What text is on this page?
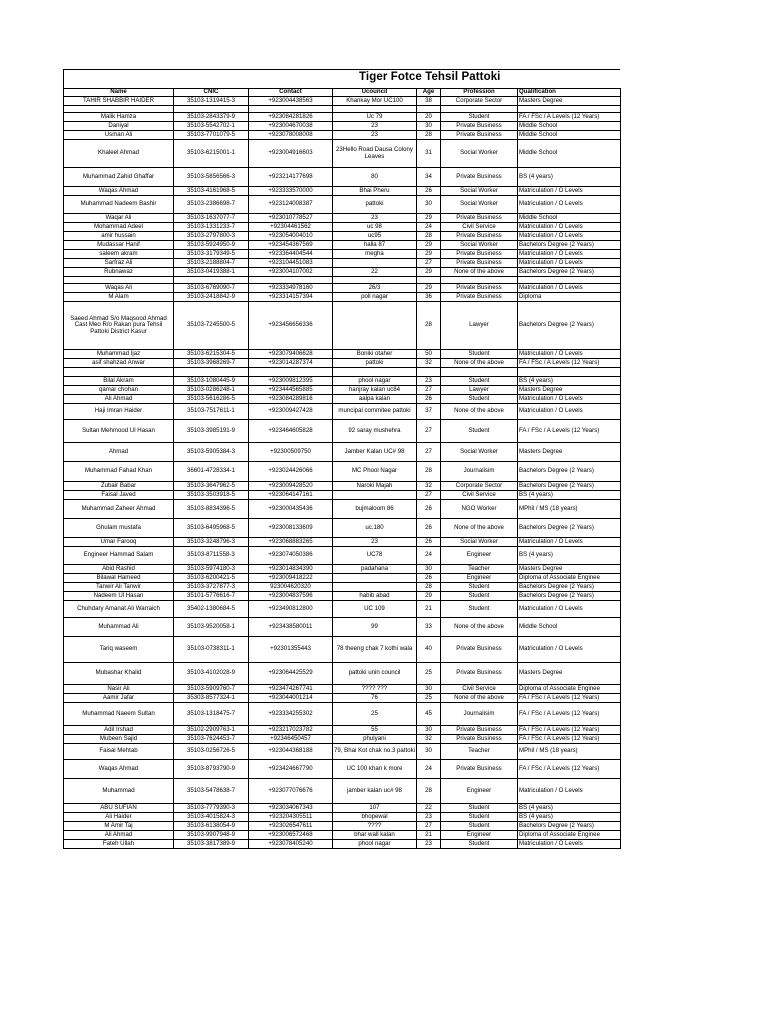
Tiger Fotce Tehsil Pattoki
Name	CNIC	Contact	Ucouncil	Age	Profession	Qualification
TAHIR SHABBIR HAIDER	35103-1319415-3	+923004438563	Khankay Mor UC100	38	Corporate Sector	Masters Degree

Malik Hamza	35103-2843379-9	+923084281826	Uc 79	20	Student	FA / FSc / A Levels (12 Years)
Daniyal	35103-5542702-1	+923004670038	23	30	Private Business	Middle School
Usman Ali	35103-7701079-5	+923078008008	23	28	Private Business	Middle School
Khaleel Ahmad	35103-6215001-1	+923004916603	23Hello Road Dausa Colony Leaves	31	Social Worker	Middle School
Muhammad Zahid Ghaffar	35103-5856566-3	+923214177698	80	34	Private Business	BS (4 years)
Waqas Ahmad	35103-4161968-5	+923333570000	Bhai Pheru	26	Social Worker	Matriculation / O Levels
Muhammad Nadeem Bashir	35103-2386698-7	+923124008387	pattoki	30	Social Worker	Matriculation / O Levels
Waqar Ali	35103-1637077-7	+923010778527	23	29	Private Business	Middle School
Mohammad Adeel	35103-1331233-7	+92304461562	uc 98	24	Civil Service	Matriculation / O Levels
amir hussain	35103-2797800-3	+923054004010	uc95	28	Private Business	Matriculation / O Levels
Mudassar Hanif	35103-5924950-9	+923454367569	halla 87	29	Social Worker	Bachelors Degree (2 Years)
saleem akram	35103-3179349-5	+923364404544	megha	29	Private Business	Matriculation / O Levels
Sarfraz Ali	35103-2188804-7	+923104451083		27	Private Business	Matriculation / O Levels
Rubnawaz	35103-0419388-1	+923004107002	22	29	None of the above	Bachelors Degree (2 Years)

Waqas Ali	35103-6769090-7	+923334978160	26/3	29	Private Business	Matriculation / O Levels
M Alam	35103-2418842-9	+923314157394	poll nagar	36	Private Business	Diploma
Saeed Ahmad S/o Maqsood Ahmad Cast Meo R/o Rakan pura Tehsil Pattoki District Kasur	35103-7245500-5	+923456656336		28	Lawyer	Bachelors Degree (2 Years)
Muhammad Ijaz	35103-6215304-5	+923079406628	Boniki otaher	50	Student	Matriculation / O Levels
asif shahzad Anwar	35103-3968269-7	+923014287374	pattoki	32	None of the above	FA / FSc / A Levels (12 Years)

Bilal Akram	35103-1080445-9	+923009812395	phool nagar	23	Student	BS (4 years)
qamar chohan	35103-0286248-1	+923444565885	hanjray kalan uc84	27	Lawyer	Masters Degree
Ali Ahmad	35103-5616286-5	+923084289816	aalpa kalan	26	Student	Matriculation / O Levels
Haji Imran Haider	35103-7517611-1	+923009427428	muncipal commitee pattoki	37	None of the above	Matriculation / O Levels
Sultan Mehmood Ul Hasan	35103-3985191-9	+923464605828	92 saray mushehra	27	Student	FA / FSc / A Levels (12 Years)
Ahmad	35103-5905384-3	+92300509750	Jamber Kalan UC# 98	27	Social Worker	Masters Degree
Muhammad Fahad Khan	36601-4728334-1	+923024426066	MC Phool Nagar	28	Journalisim	Bachelors Degree (2 Years)
Zubair Babar	35103-3647962-5	+923009428520	Naroki Majah	32	Corporate Sector	Bachelors Degree (2 Years)
Faisal Javed	35103-3503918-5	+923064147161		27	Civil Service	BS (4 years)
Muhammad Zaheer Ahmad	35103-8834396-5	+923000435436	bujmaloom 86	26	NGO Worker	MPhil / MS (18 years)
Ghulam mustafa	35103-6495968-5	+923008133609	uc.180	26	None of the above	Bachelors Degree (2 Years)
Umar Farooq	35103-3248796-3	+923068883265	23	26	Social Worker	Matriculation / O Levels
Engineer Hammad Salam	35103-8711558-3	+923074050386	UC78	24	Engineer	BS (4 years)
Abid Rashid	35103-5974180-3	+923014834390	padahana	30	Teacher	Masters Degree
Bilawal Hameed	35103-6200421-5	+923009418222		26	Engineer	Diploma of Associate Enginee
Tanwir Ali Tanwir	35103-3727877-3	923004620320		28	Student	Bachelors Degree (2 Years)
Nadeem Ul Hasan	35101-5776616-7	+923004837596	habib abad	29	Student	Bachelors Degree (2 Years)
Chuhdary Amanat Ali Warraich	35402-1380684-5	+923490812800	UC 109	21	Student	Matriculation / O Levels
Muhammad Ali	35103-9520058-1	+923438580011	99	33	None of the above	Middle School
Tariq waseem	35103-0738311-1	+92301355443	78 theeng chak 7 kothi wala	40	Private Business	Matriculation / O Levels
Mubashar Khalid	35103-4102028-9	+923064425529	pattoki unin council	25	Private Business	Masters Degree
Nasir Ali	35103-5909760-7	+923474267741	???? ???	30	Civil Service	Diploma of Associate Enginee
Aamir Jafar	35303-8577324-1	+923044001214	76	25	None of the above	FA / FSc / A Levels (12 Years)
Muhammad Naeem Sultan	35103-1318475-7	+923334255302	25	45	Journalisim	FA / FSc / A Levels (12 Years)
Adil Irshad	35102-2909763-1	+923217023782	55	30	Private Business	FA / FSc / A Levels (12 Years)
Mubeen Sajid	35103-7624453-7	+92346450457	phulyani	32	Private Business	FA / FSc / A Levels (12 Years)
Faisal Mehtab	35103-0256726-5	+923044368188	79, Bhai Kot chak no.3 pattoki	30	Teacher	MPhil / MS (18 years)
Waqas Ahmad	35103-8793790-9	+923424667790	UC 100 khan k more	24	Private Business	FA / FSc / A Levels (12 Years)
Muhammad	35103-5478638-7	+923077076676	jamber kalan uc# 98	28	Engineer	Matriculation / O Levels
ABU SUFIAN	35103-7779390-3	+923034067343	107	22	Student	BS (4 years)
Ali Haider	35103-4015824-3	+923204305511	bhopewal	23	Student	BS (4 years)
M Amir Taj	35103-6138054-9	+923026547611	????	27	Student	Bachelors Degree (2 Years)
Ali Ahmad	35103-9907948-9	+923006572468	bhar wall kalan	21	Engineer	Diploma of Associate Enginee
Fateh Ullah	35103-3817389-9	+923078405240	phool nagar	23	Student	Matriculation / O Levels
